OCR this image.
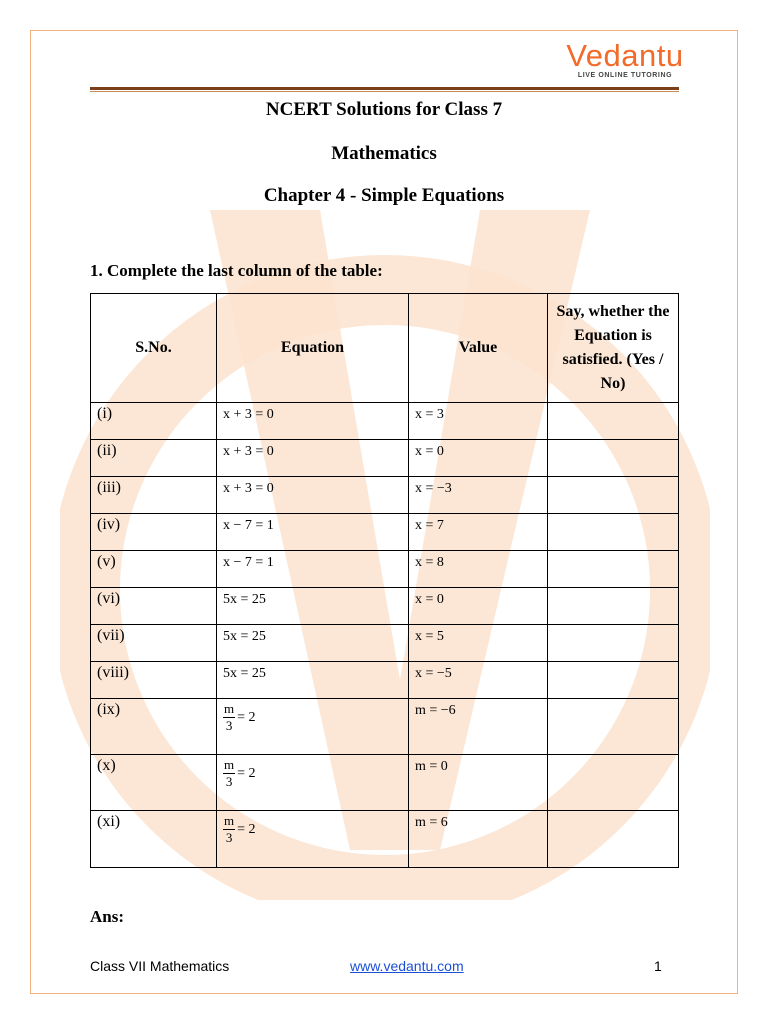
Vedantu
LIVE ONLINE TUTORING
NCERT Solutions for Class 7
Mathematics
Chapter 4 - Simple Equations
1. Complete the last column of the table:
S.No.	Equation	Value	Say, whether the Equation is satisfied. (Yes / No)
(i)	x + 3 = 0	x = 3	
(ii)	x + 3 = 0	x = 0	
(iii)	x + 3 = 0	x = −3	
(iv)	x − 7 = 1	x = 7	
(v)	x − 7 = 1	x = 8	
(vi)	5x = 25	x = 0	
(vii)	5x = 25	x = 5	
(viii)	5x = 25	x = −5	
(ix)	$\frac{m}{3} = 2$	m = −6	
(x)	$\frac{m}{3} = 2$	m = 0	
(xi)	$\frac{m}{3} = 2$	m = 6	
Ans:
Class VII Mathematics	www.vedantu.com	1
